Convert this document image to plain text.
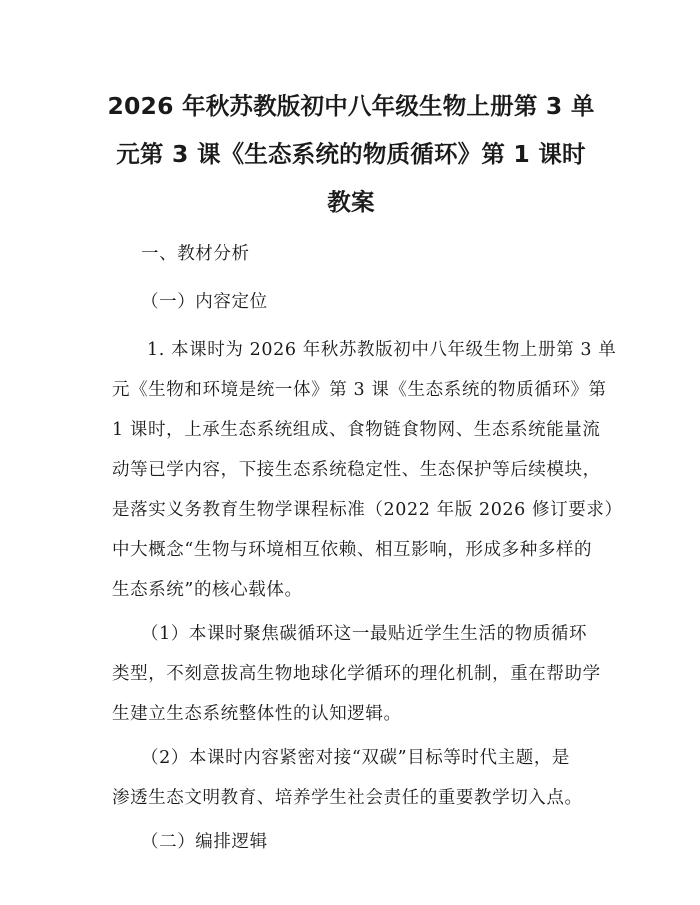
2026 年秋苏教版初中八年级生物上册第 3 单
元第 3 课《生态系统的物质循环》第 1 课时
教案
一、教材分析
（一）内容定位
1. 本课时为 2026 年秋苏教版初中八年级生物上册第 3 单
元《生物和环境是统一体》第 3 课《生态系统的物质循环》第
1 课时，上承生态系统组成、食物链食物网、生态系统能量流
动等已学内容，下接生态系统稳定性、生态保护等后续模块，
是落实义务教育生物学课程标准（2022 年版 2026 修订要求）
中大概念“生物与环境相互依赖、相互影响，形成多种多样的
生态系统”的核心载体。
（1）本课时聚焦碳循环这一最贴近学生生活的物质循环
类型，不刻意拔高生物地球化学循环的理化机制，重在帮助学
生建立生态系统整体性的认知逻辑。
（2）本课时内容紧密对接“双碳”目标等时代主题，是
渗透生态文明教育、培养学生社会责任的重要教学切入点。
（二）编排逻辑
